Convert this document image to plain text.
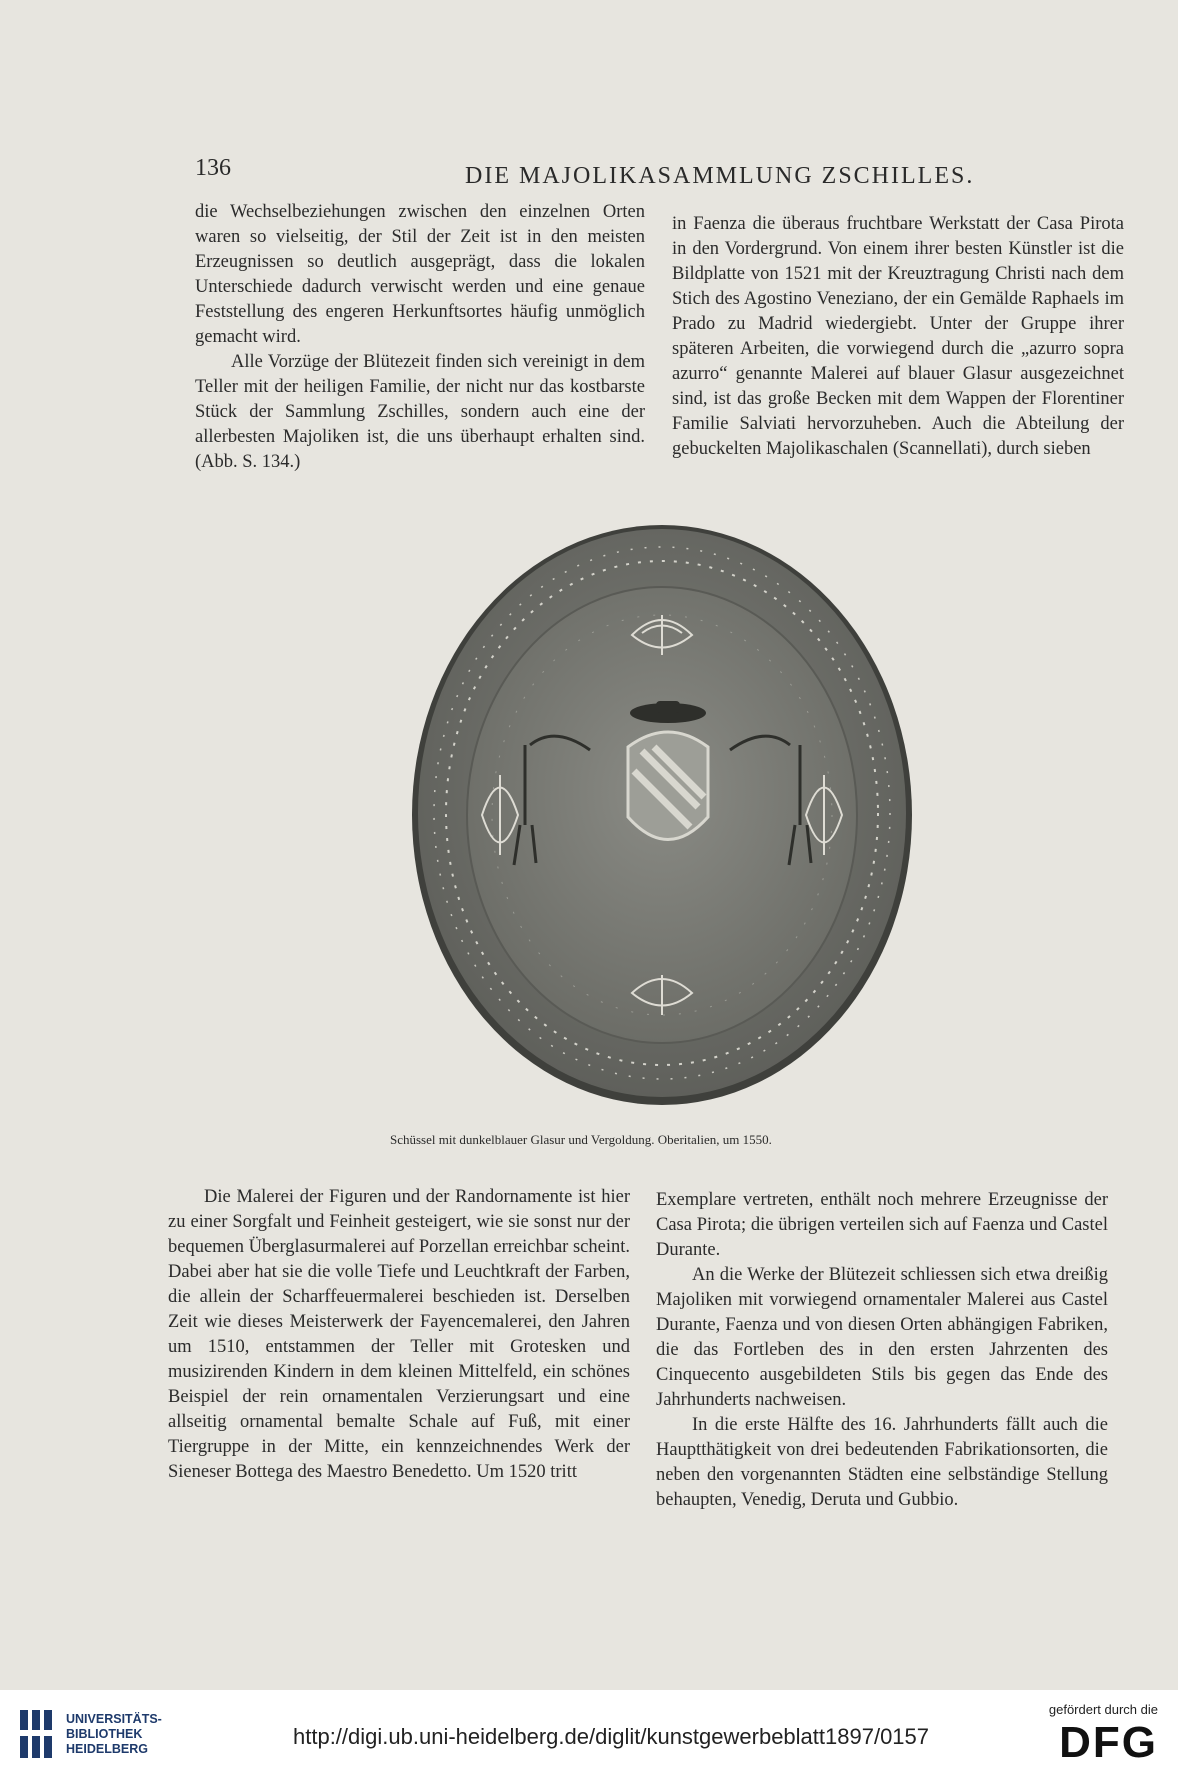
136	DIE MAJOLIKASAMMLUNG ZSCHILLES.

die Wechselbeziehungen zwischen den einzelnen Orten waren so vielseitig, der Stil der Zeit ist in den meisten Erzeugnissen so deutlich ausgeprägt, dass die lokalen Unterschiede dadurch verwischt werden und eine genaue Feststellung des engeren Herkunftsortes häufig unmöglich gemacht wird.

Alle Vorzüge der Blütezeit finden sich vereinigt in dem Teller mit der heiligen Familie, der nicht nur das kostbarste Stück der Sammlung Zschilles, sondern auch eine der allerbesten Majoliken ist, die uns überhaupt erhalten sind. (Abb. S. 134.)

in Faenza die überaus fruchtbare Werkstatt der Casa Pirota in den Vordergrund. Von einem ihrer besten Künstler ist die Bildplatte von 1521 mit der Kreuztragung Christi nach dem Stich des Agostino Veneziano, der ein Gemälde Raphaels im Prado zu Madrid wiedergiebt. Unter der Gruppe ihrer späteren Arbeiten, die vorwiegend durch die „azurro sopra azurro“ genannte Malerei auf blauer Glasur ausgezeichnet sind, ist das große Becken mit dem Wappen der Florentiner Familie Salviati hervorzuheben. Auch die Abteilung der gebuckelten Majolikaschalen (Scannellati), durch sieben

Schüssel mit dunkelblauer Glasur und Vergoldung. Oberitalien, um 1550.

Die Malerei der Figuren und der Randornamente ist hier zu einer Sorgfalt und Feinheit gesteigert, wie sie sonst nur der bequemen Überglasurmalerei auf Porzellan erreichbar scheint. Dabei aber hat sie die volle Tiefe und Leuchtkraft der Farben, die allein der Scharffeuermalerei beschieden ist. Derselben Zeit wie dieses Meisterwerk der Fayencemalerei, den Jahren um 1510, entstammen der Teller mit Grotesken und musizirenden Kindern in dem kleinen Mittelfeld, ein schönes Beispiel der rein ornamentalen Verzierungsart und eine allseitig ornamental bemalte Schale auf Fuß, mit einer Tiergruppe in der Mitte, ein kennzeichnendes Werk der Sieneser Bottega des Maestro Benedetto. Um 1520 tritt

Exemplare vertreten, enthält noch mehrere Erzeugnisse der Casa Pirota; die übrigen verteilen sich auf Faenza und Castel Durante.

An die Werke der Blütezeit schliessen sich etwa dreißig Majoliken mit vorwiegend ornamentaler Malerei aus Castel Durante, Faenza und von diesen Orten abhängigen Fabriken, die das Fortleben des in den ersten Jahrzenten des Cinquecento ausgebildeten Stils bis gegen das Ende des Jahrhunderts nachweisen.

In die erste Hälfte des 16. Jahrhunderts fällt auch die Hauptthätigkeit von drei bedeutenden Fabrikationsorten, die neben den vorgenannten Städten eine selbständige Stellung behaupten, Venedig, Deruta und Gubbio.

UNIVERSITÄTS-
BIBLIOTHEK
HEIDELBERG	http://digi.ub.uni-heidelberg.de/diglit/kunstgewerbeblatt1897/0157
gefördert durch die
DFG
